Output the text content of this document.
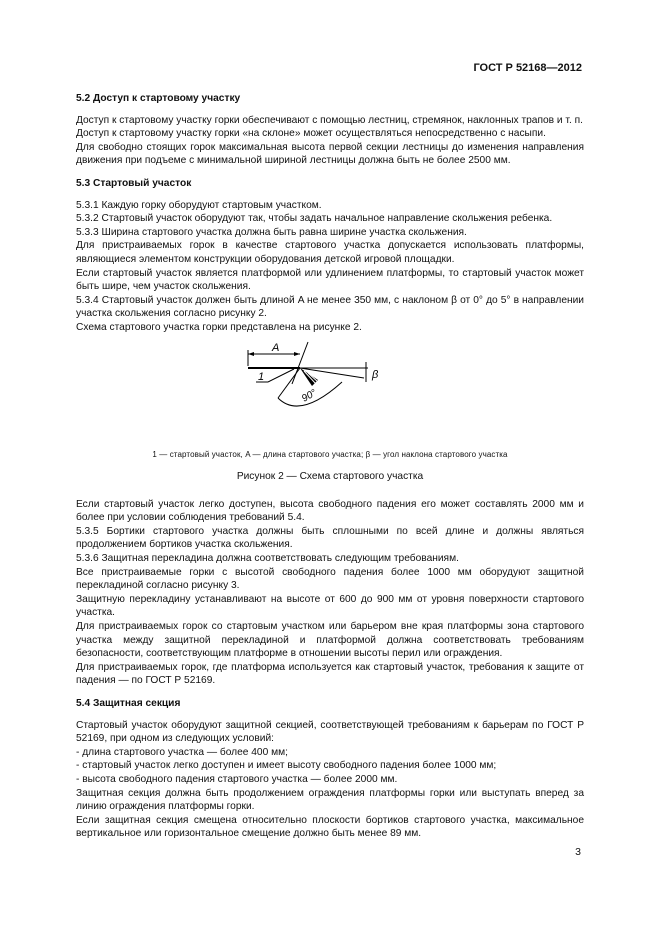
ГОСТ Р 52168—2012
5.2 Доступ к стартовому участку

Доступ к стартовому участку горки обеспечивают с помощью лестниц, стремянок, наклонных трапов и т. п.

Доступ к стартовому участку горки «на склоне» может осуществляться непосредственно с насыпи.

Для свободно стоящих горок максимальная высота первой секции лестницы до изменения направления движения при подъеме с минимальной шириной лестницы должна быть не более 2500 мм.

5.3 Стартовый участок

5.3.1 Каждую горку оборудуют стартовым участком.

5.3.2 Стартовый участок оборудуют так, чтобы задать начальное направление скольжения ребенка.

5.3.3 Ширина стартового участка должна быть равна ширине участка скольжения.

Для пристраиваемых горок в качестве стартового участка допускается использовать платформы, являющиеся элементом конструкции оборудования детской игровой площадки.

Если стартовый участок является платформой или удлинением платформы, то стартовый участок может быть шире, чем участок скольжения.

5.3.4 Стартовый участок должен быть длиной A не менее 350 мм, с наклоном β от 0° до 5° в направлении участка скольжения согласно рисунку 2.

Схема стартового участка горки представлена на рисунке 2.

A
β
90°
1
1 — стартовый участок, A — длина стартового участка; β — угол наклона стартового участка
Рисунок 2 — Схема стартового участка

Если стартовый участок легко доступен, высота свободного падения его может составлять 2000 мм и более при условии соблюдения требований 5.4.

5.3.5 Бортики стартового участка должны быть сплошными по всей длине и должны являться продолжением бортиков участка скольжения.

5.3.6 Защитная перекладина должна соответствовать следующим требованиям.

Все пристраиваемые горки с высотой свободного падения более 1000 мм оборудуют защитной перекладиной согласно рисунку 3.

Защитную перекладину устанавливают на высоте от 600 до 900 мм от уровня поверхности стартового участка.

Для пристраиваемых горок со стартовым участком или барьером вне края платформы зона стартового участка между защитной перекладиной и платформой должна соответствовать требованиям безопасности, соответствующим платформе в отношении высоты перил или ограждения.

Для пристраиваемых горок, где платформа используется как стартовый участок, требования к защите от падения — по ГОСТ Р 52169.

5.4 Защитная секция

Стартовый участок оборудуют защитной секцией, соответствующей требованиям к барьерам по ГОСТ Р 52169, при одном из следующих условий:

- длина стартового участка — более 400 мм;

- стартовый участок легко доступен и имеет высоту свободного падения более 1000 мм;

- высота свободного падения стартового участка — более 2000 мм.

Защитная секция должна быть продолжением ограждения платформы горки или выступать вперед за линию ограждения платформы горки.

Если защитная секция смещена относительно плоскости бортиков стартового участка, максимальное вертикальное или горизонтальное смещение должно быть менее 89 мм.

3
